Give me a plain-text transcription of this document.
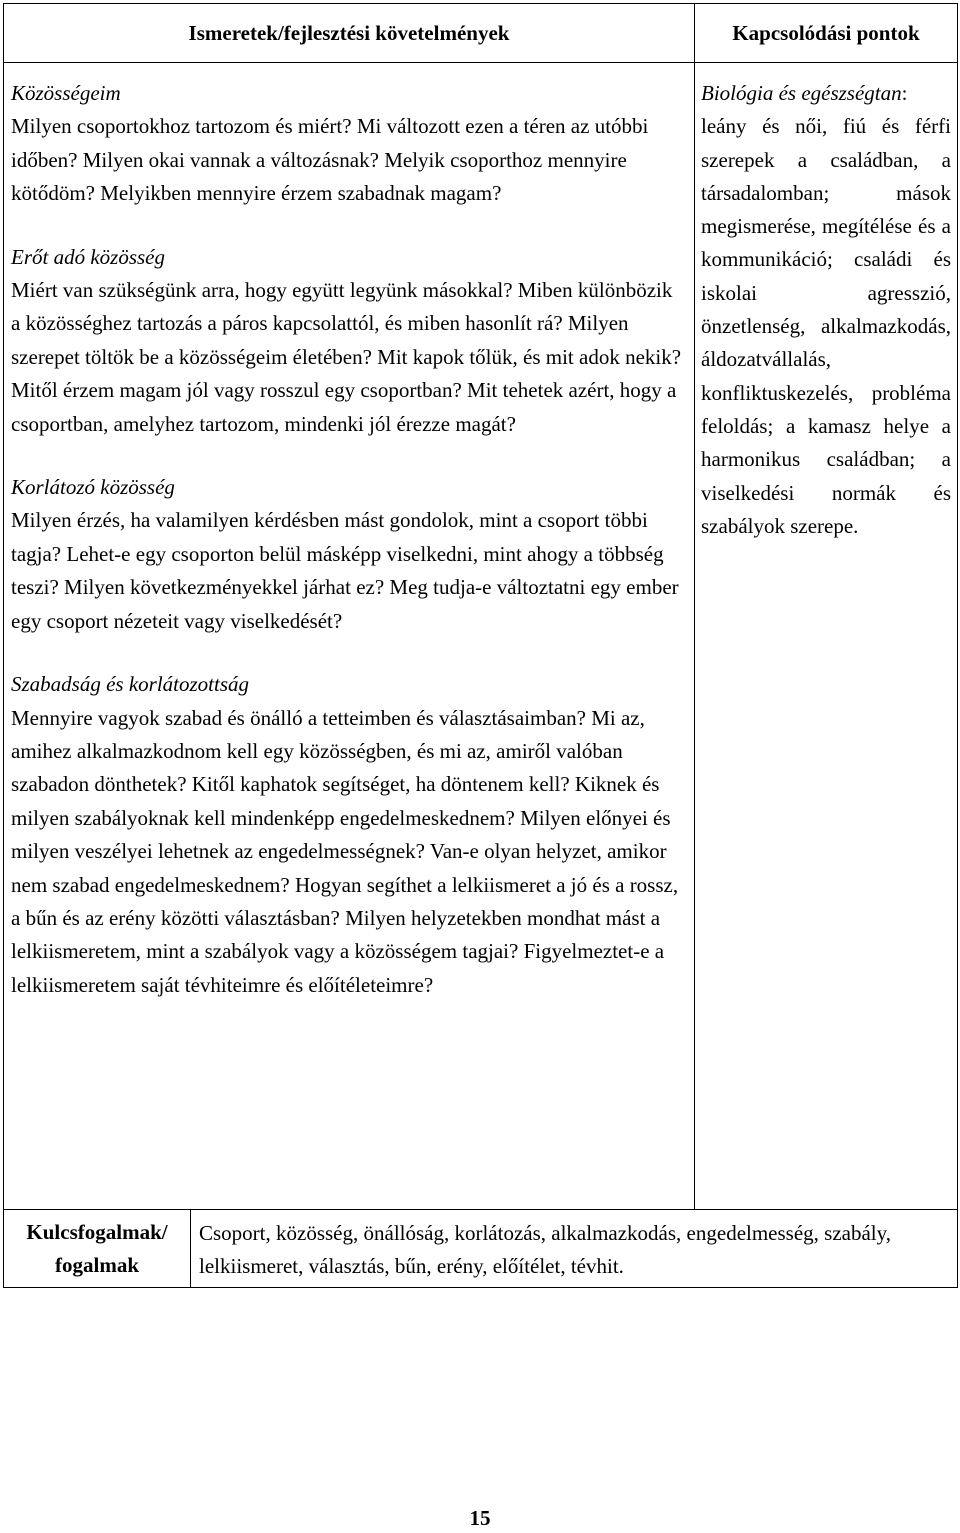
Ismeretek/fejlesztési követelmények	Kapcsolódási pontok

Közösségeim

Milyen csoportokhoz tartozom és miért? Mi változott ezen a téren az utóbbi időben? Milyen okai vannak a változásnak? Melyik csoporthoz mennyire kötődöm? Melyikben mennyire érzem szabadnak magam?

Erőt adó közösség

Miért van szükségünk arra, hogy együtt legyünk másokkal? Miben különbözik a közösséghez tartozás a páros kapcsolattól, és miben hasonlít rá? Milyen szerepet töltök be a közösségeim életében? Mit kapok tőlük, és mit adok nekik? Mitől érzem magam jól vagy rosszul egy csoportban? Mit tehetek azért, hogy a csoportban, amelyhez tartozom, mindenki jól érezze magát?

Korlátozó közösség

Milyen érzés, ha valamilyen kérdésben mást gondolok, mint a csoport többi tagja? Lehet-e egy csoporton belül másképp viselkedni, mint ahogy a többség teszi? Milyen következményekkel járhat ez? Meg tudja-e változtatni egy ember egy csoport nézeteit vagy viselkedését?

Szabadság és korlátozottság

Mennyire vagyok szabad és önálló a tetteimben és választásaimban? Mi az, amihez alkalmazkodnom kell egy közösségben, és mi az, amiről valóban szabadon dönthetek? Kitől kaphatok segítséget, ha döntenem kell? Kiknek és milyen szabályoknak kell mindenképp engedelmeskednem? Milyen előnyei és milyen veszélyei lehetnek az engedelmességnek? Van-e olyan helyzet, amikor nem szabad engedelmeskednem? Hogyan segíthet a lelkiismeret a jó és a rossz, a bűn és az erény közötti választásban? Milyen helyzetekben mondhat mást a lelkiismeretem, mint a szabályok vagy a közösségem tagjai? Figyelmeztet-e a lelkiismeretem saját tévhiteimre és előítéleteimre?

Biológia és egészségtan:

leány és női, fiú és férfi szerepek a családban, a társadalomban; mások megismerése, megítélése és a kommunikáció; családi és iskolai agresszió, önzetlenség, alkalmazkodás, áldozatvállalás, konfliktuskezelés, probléma feloldás; a kamasz helye a harmonikus családban; a viselkedési normák és szabályok szerepe.

Kulcsfogalmak/ fogalmak
Csoport, közösség, önállóság, korlátozás, alkalmazkodás, engedelmesség, szabály, lelkiismeret, választás, bűn, erény, előítélet, tévhit.
15
